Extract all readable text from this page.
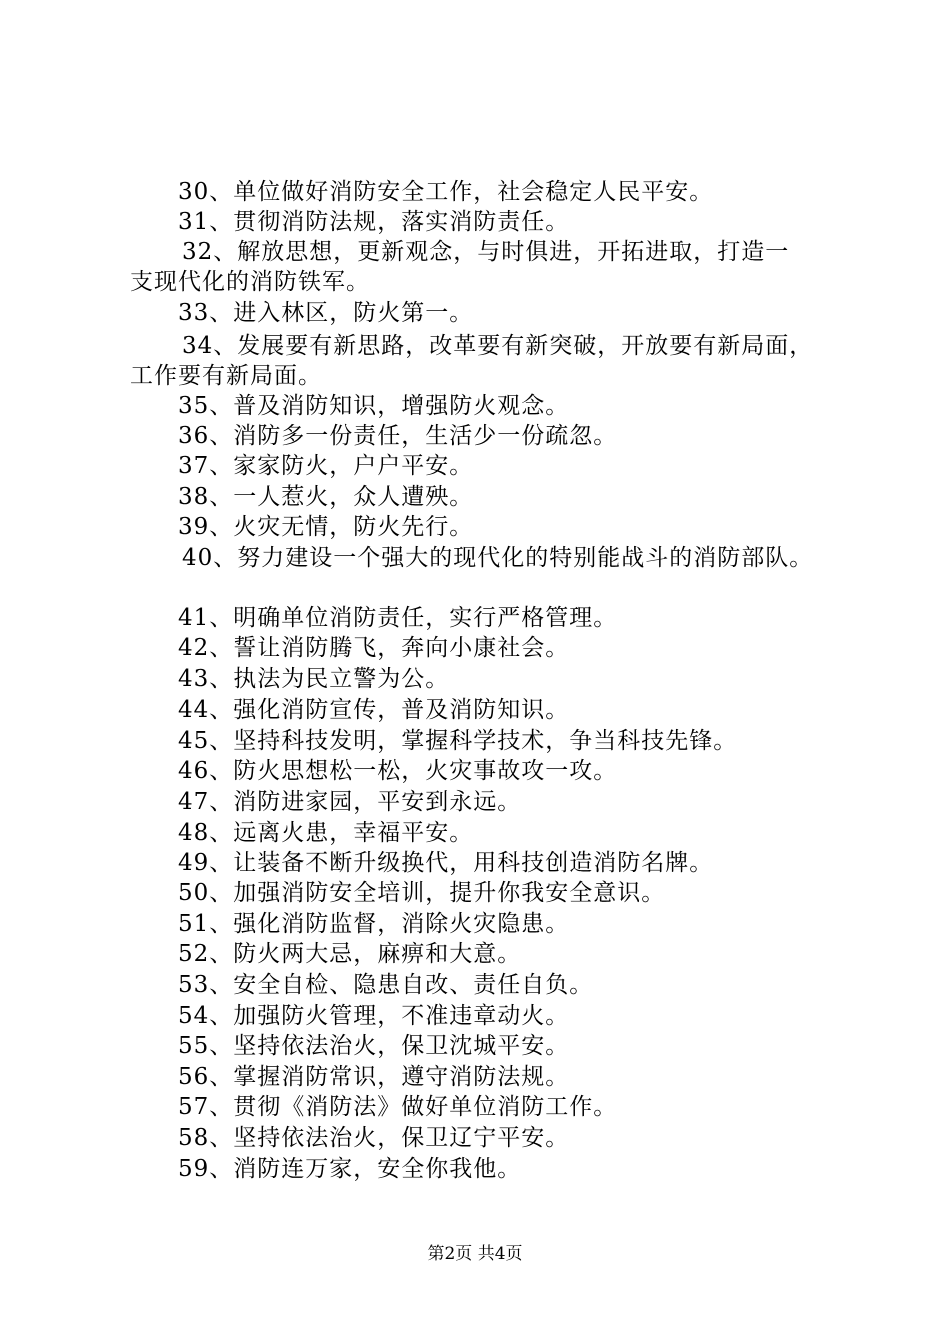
30、单位做好消防安全工作，社会稳定人民平安。
31、贯彻消防法规，落实消防责任。
32、解放思想，更新观念，与时俱进，开拓进取，打造一
支现代化的消防铁军。
33、进入林区，防火第一。
34、发展要有新思路，改革要有新突破，开放要有新局面，
工作要有新局面。
35、普及消防知识，增强防火观念。
36、消防多一份责任，生活少一份疏忽。
37、家家防火，户户平安。
38、一人惹火，众人遭殃。
39、火灾无情，防火先行。
40、努力建设一个强大的现代化的特别能战斗的消防部队。
41、明确单位消防责任，实行严格管理。
42、誓让消防腾飞，奔向小康社会。
43、执法为民立警为公。
44、强化消防宣传，普及消防知识。
45、坚持科技发明，掌握科学技术，争当科技先锋。
46、防火思想松一松，火灾事故攻一攻。
47、消防进家园，平安到永远。
48、远离火患，幸福平安。
49、让装备不断升级换代，用科技创造消防名牌。
50、加强消防安全培训，提升你我安全意识。
51、强化消防监督，消除火灾隐患。
52、防火两大忌，麻痹和大意。
53、安全自检、隐患自改、责任自负。
54、加强防火管理，不准违章动火。
55、坚持依法治火，保卫沈城平安。
56、掌握消防常识，遵守消防法规。
57、贯彻《消防法》做好单位消防工作。
58、坚持依法治火，保卫辽宁平安。
59、消防连万家，安全你我他。
第2页 共4页
